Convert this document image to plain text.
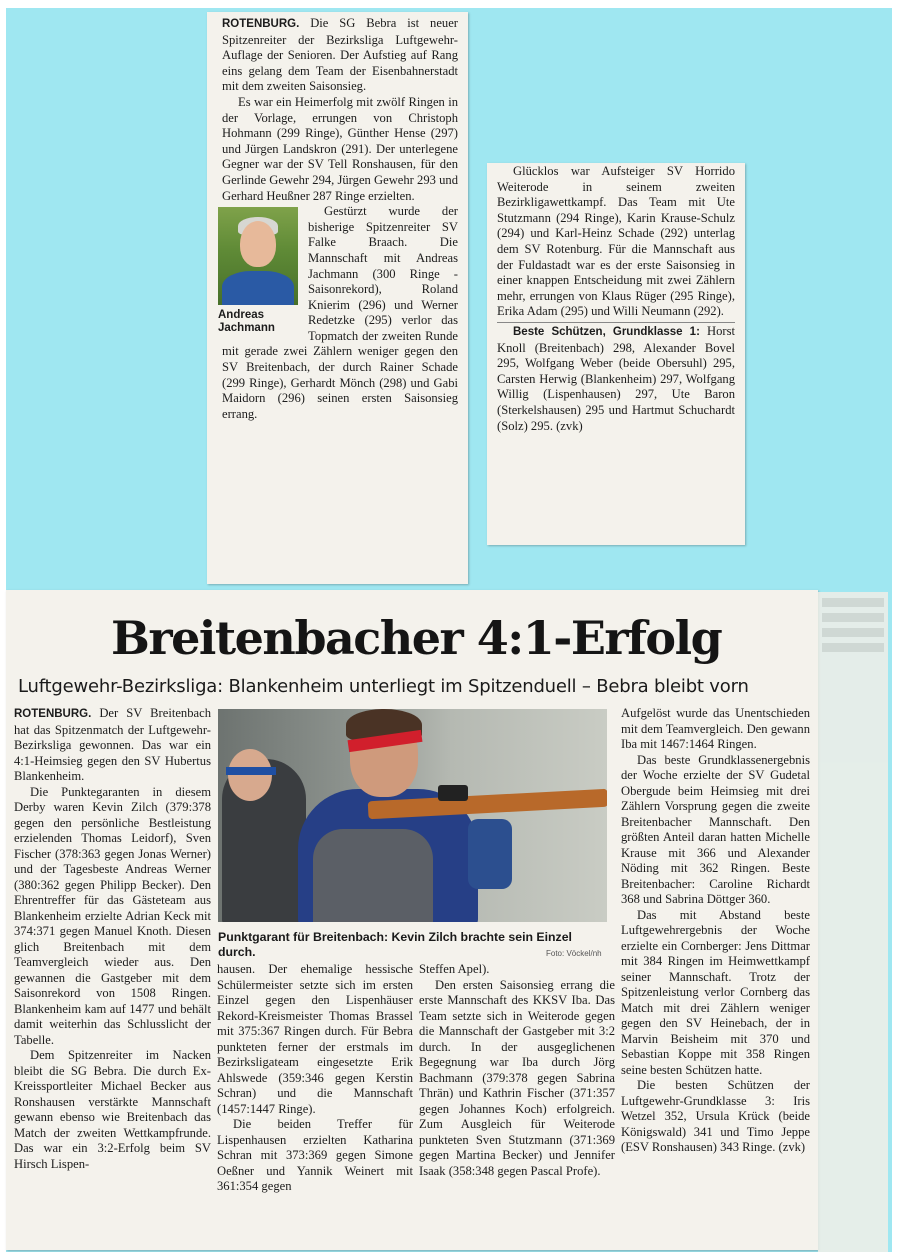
ROTENBURG. Die SG Bebra ist neuer Spitzenreiter der Bezirksliga Luftgewehr-Auflage der Senioren. Der Aufstieg auf Rang eins gelang dem Team der Eisenbahnerstadt mit dem zweiten Saisonsieg.

Es war ein Heimerfolg mit zwölf Ringen in der Vorlage, errungen von Christoph Hohmann (299 Ringe), Günther Hense (297) und Jürgen Landskron (291). Der unterlegene Gegner war der SV Tell Ronshausen, für den Gerlinde Gewehr 294, Jürgen Gewehr 293 und Gerhard Heußner 287 Ringe erzielten.

Andreas Jachmann
Gestürzt wurde der bisherige Spitzenreiter SV Falke Braach. Die Mannschaft mit Andreas Jachmann (300 Ringe - Saisonrekord), Roland Knierim (296) und Werner Redetzke (295) verlor das Topmatch der zweiten Runde mit gerade zwei Zählern weniger gegen den SV Breitenbach, der durch Rainer Schade (299 Ringe), Gerhardt Mönch (298) und Gabi Maidorn (296) seinen ersten Saisonsieg errang.

Glücklos war Aufsteiger SV Horrido Weiterode in seinem zweiten Bezirkligawettkampf. Das Team mit Ute Stutzmann (294 Ringe), Karin Krause-Schulz (294) und Karl-Heinz Schade (292) unterlag dem SV Rotenburg. Für die Mannschaft aus der Fuldastadt war es der erste Saisonsieg in einer knappen Entscheidung mit zwei Zählern mehr, errungen von Klaus Rüger (295 Ringe), Erika Adam (295) und Willi Neumann (292).

Beste Schützen, Grundklasse 1: Horst Knoll (Breitenbach) 298, Alexander Bovel 295, Wolfgang Weber (beide Obersuhl) 295, Carsten Herwig (Blankenheim) 297, Wolfgang Willig (Lispenhausen) 297, Ute Baron (Sterkelshausen) 295 und Hartmut Schuchardt (Solz) 295. (zvk)

Breitenbacher 4:1-Erfolg
Luftgewehr-Bezirksliga: Blankenheim unterliegt im Spitzenduell – Bebra bleibt vorn

ROTENBURG. Der SV Breitenbach hat das Spitzenmatch der Luftgewehr-Bezirksliga gewonnen. Das war ein 4:1-Heimsieg gegen den SV Hubertus Blankenheim.

Die Punktegaranten in diesem Derby waren Kevin Zilch (379:378 gegen den persönliche Bestleistung erzielenden Thomas Leidorf), Sven Fischer (378:363 gegen Jonas Werner) und der Tagesbeste Andreas Werner (380:362 gegen Philipp Becker). Den Ehrentreffer für das Gästeteam aus Blankenheim erzielte Adrian Keck mit 374:371 gegen Manuel Knoth. Diesen glich Breitenbach mit dem Teamvergleich wieder aus. Den gewannen die Gastgeber mit dem Saisonrekord von 1508 Ringen. Blankenheim kam auf 1477 und behält damit weiterhin das Schlusslicht der Tabelle.

Dem Spitzenreiter im Nacken bleibt die SG Bebra. Die durch Ex-Kreissportleiter Michael Becker aus Ronshausen verstärkte Mannschaft gewann ebenso wie Breitenbach das Match der zweiten Wettkampfrunde. Das war ein 3:2-Erfolg beim SV Hirsch Lispen-

Punktgarant für Breitenbach: Kevin Zilch brachte sein Einzel durch.	Foto: Vöckel/nh

hausen. Der ehemalige hessische Schülermeister setzte sich im ersten Einzel gegen den Lispenhäuser Rekord-Kreismeister Thomas Brassel mit 375:367 Ringen durch. Für Bebra punkteten ferner der erstmals im Bezirksligateam eingesetzte Erik Ahlswede (359:346 gegen Kerstin Schran) und die Mannschaft (1457:1447 Ringe).

Die beiden Treffer für Lispenhausen erzielten Katharina Schran mit 373:369 gegen Simone Oeßner und Yannik Weinert mit 361:354 gegen

Steffen Apel).

Den ersten Saisonsieg errang die erste Mannschaft des KKSV Iba. Das Team setzte sich in Weiterode gegen die Mannschaft der Gastgeber mit 3:2 durch. In der ausgeglichenen Begegnung war Iba durch Jörg Bachmann (379:378 gegen Sabrina Thrän) und Kathrin Fischer (371:357 gegen Johannes Koch) erfolgreich. Zum Ausgleich für Weiterode punkteten Sven Stutzmann (371:369 gegen Martina Becker) und Jennifer Isaak (358:348 gegen Pascal Profe).

Aufgelöst wurde das Unentschieden mit dem Teamvergleich. Den gewann Iba mit 1467:1464 Ringen.

Das beste Grundklassenergebnis der Woche erzielte der SV Gudetal Obergude beim Heimsieg mit drei Zählern Vorsprung gegen die zweite Breitenbacher Mannschaft. Den größten Anteil daran hatten Michelle Krause mit 366 und Alexander Nöding mit 362 Ringen. Beste Breitenbacher: Caroline Richardt 368 und Sabrina Döttger 360.

Das mit Abstand beste Luftgewehrergebnis der Woche erzielte ein Cornberger: Jens Dittmar mit 384 Ringen im Heimwettkampf seiner Mannschaft. Trotz der Spitzenleistung verlor Cornberg das Match mit drei Zählern weniger gegen den SV Heinebach, der in Marvin Beisheim mit 370 und Sebastian Koppe mit 358 Ringen seine besten Schützen hatte.

Die besten Schützen der Luftgewehr-Grundklasse 3: Iris Wetzel 352, Ursula Krück (beide Königswald) 341 und Timo Jeppe (ESV Ronshausen) 343 Ringe. (zvk)
